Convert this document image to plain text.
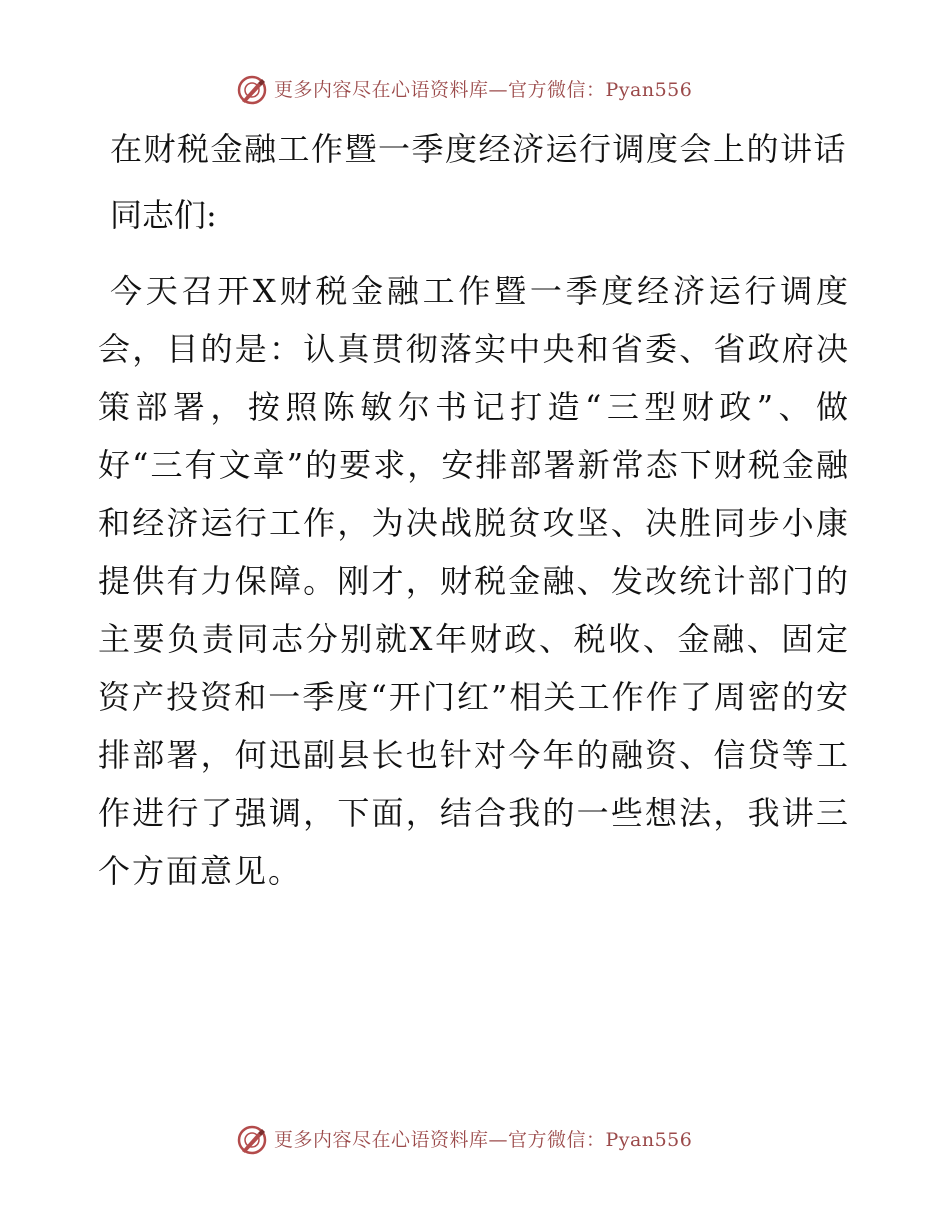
更多内容尽在心语资料库—官方微信：Pyan556
在财税金融工作暨一季度经济运行调度会上的讲话

同志们:

今天召开X财税金融工作暨一季度经济运行调度会，目的是：认真贯彻落实中央和省委、省政府决策部署，按照陈敏尔书记打造“三型财政”、做好“三有文章”的要求，安排部署新常态下财税金融和经济运行工作，为决战脱贫攻坚、决胜同步小康提供有力保障。刚才，财税金融、发改统计部门的主要负责同志分别就X年财政、税收、金融、固定资产投资和一季度“开门红”相关工作作了周密的安排部署，何迅副县长也针对今年的融资、信贷等工作进行了强调，下面，结合我的一些想法，我讲三个方面意见。

更多内容尽在心语资料库—官方微信：Pyan556
